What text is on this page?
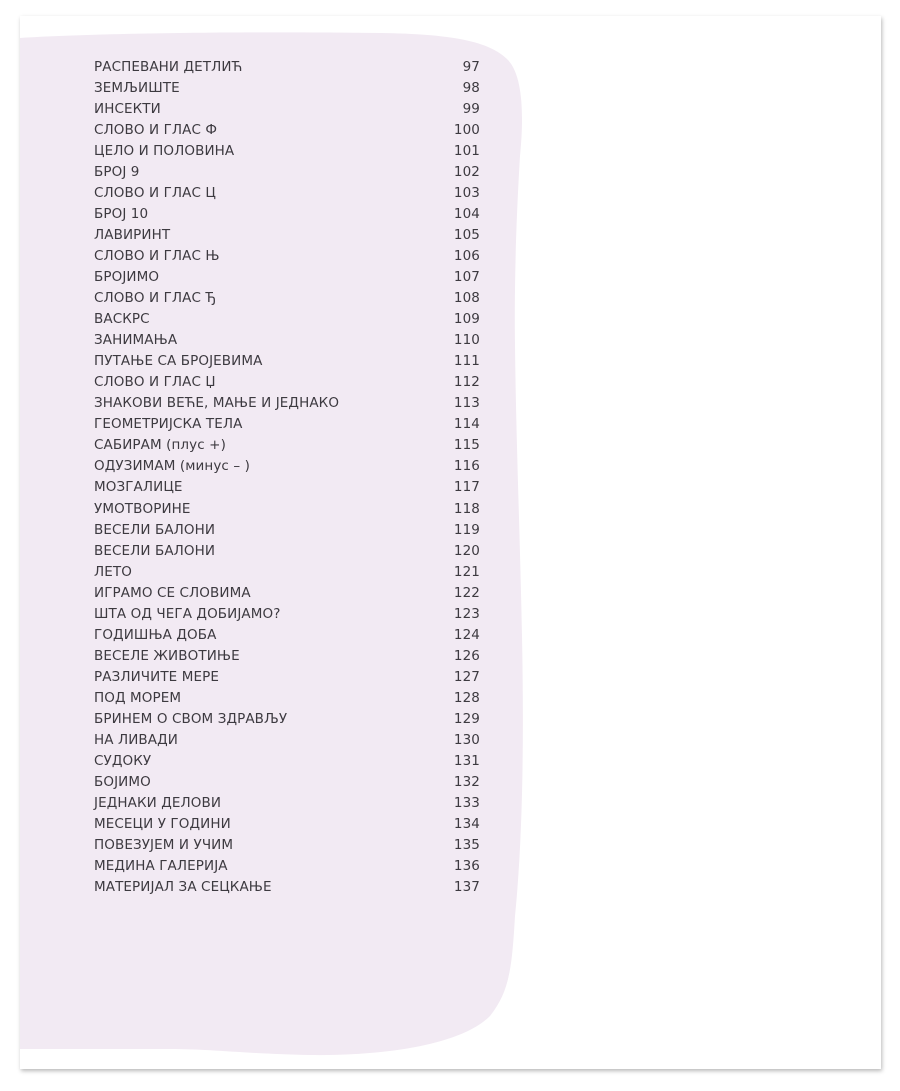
РАСПЕВАНИ ДЕТЛИЋ	97
ЗЕМЉИШТЕ	98
ИНСЕКТИ	99
СЛОВО И ГЛАС Ф	100
ЦЕЛО И ПОЛОВИНА	101
БРОЈ 9	102
СЛОВО И ГЛАС Ц	103
БРОЈ 10	104
ЛАВИРИНТ	105
СЛОВО И ГЛАС Њ	106
БРОЈИМО	107
СЛОВО И ГЛАС Ђ	108
ВАСКРС	109
ЗАНИМАЊА	110
ПУТАЊЕ СА БРОЈЕВИМА	111
СЛОВО И ГЛАС Џ	112
ЗНАКОВИ ВЕЋЕ, МАЊЕ И ЈЕДНАКО	113
ГЕОМЕТРИЈСКА ТЕЛА	114
САБИРАМ (плус +)	115
ОДУЗИМАМ (минус – )	116
МОЗГАЛИЦЕ	117
УМОТВОРИНЕ	118
ВЕСЕЛИ БАЛОНИ	119
ВЕСЕЛИ БАЛОНИ	120
ЛЕТО	121
ИГРАМО СЕ СЛОВИМА	122
ШТА ОД ЧЕГА ДОБИЈАМО?	123
ГОДИШЊА ДОБА	124
ВЕСЕЛЕ ЖИВОТИЊЕ	126
РАЗЛИЧИТЕ МЕРЕ	127
ПОД МОРЕМ	128
БРИНЕМ О СВОМ ЗДРАВЉУ	129
НА ЛИВАДИ	130
СУДОКУ	131
БОЈИМО	132
ЈЕДНАКИ ДЕЛОВИ	133
МЕСЕЦИ У ГОДИНИ	134
ПОВЕЗУЈЕМ И УЧИМ	135
МЕДИНА ГАЛЕРИЈА	136
МАТЕРИЈАЛ ЗА СЕЦКАЊЕ	137
